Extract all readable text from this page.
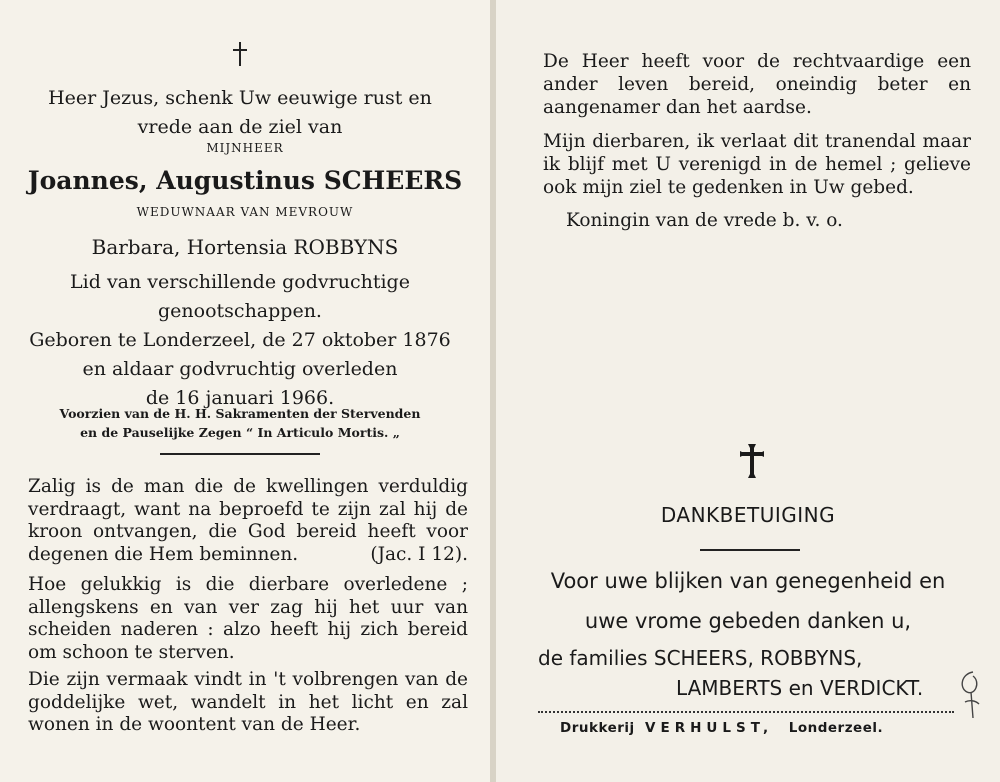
Heer Jezus, schenk Uw eeuwige rust en
vrede aan de ziel van
MIJNHEER
Joannes, Augustinus SCHEERS
WEDUWNAAR VAN MEVROUW
Barbara, Hortensia ROBBYNS
Lid van verschillende godvruchtige
genootschappen.
Geboren te Londerzeel, de 27 oktober 1876
en aldaar godvruchtig overleden
de 16 januari 1966.
Voorzien van de H. H. Sakramenten der Stervenden
en de Pauselijke Zegen “ In Articulo Mortis. „
Zalig is de man die de kwellingen verduldig verdraagt, want na beproefd te zijn zal hij de kroon ontvangen, die God bereid heeft voor degenen die Hem beminnen.	(Jac. I 12).
Hoe gelukkig is die dierbare overledene ; allengskens en van ver zag hij het uur van scheiden naderen : alzo heeft hij zich bereid om schoon te sterven.
Die zijn vermaak vindt in 't volbrengen van de goddelijke wet, wandelt in het licht en zal wonen in de woontent van de Heer.
De Heer heeft voor de rechtvaardige een ander leven bereid, oneindig beter en aangenamer dan het aardse.
Mijn dierbaren, ik verlaat dit tranendal maar ik blijf met U verenigd in de hemel ; gelieve ook mijn ziel te gedenken in Uw gebed.
Koningin van de vrede b. v. o.
DANKBETUIGING
Voor uwe blijken van genegenheid en
uwe vrome gebeden danken u,
de families SCHEERS, ROBBYNS,
LAMBERTS en VERDICKT.
Drukkerij VERHULST, Londerzeel.
